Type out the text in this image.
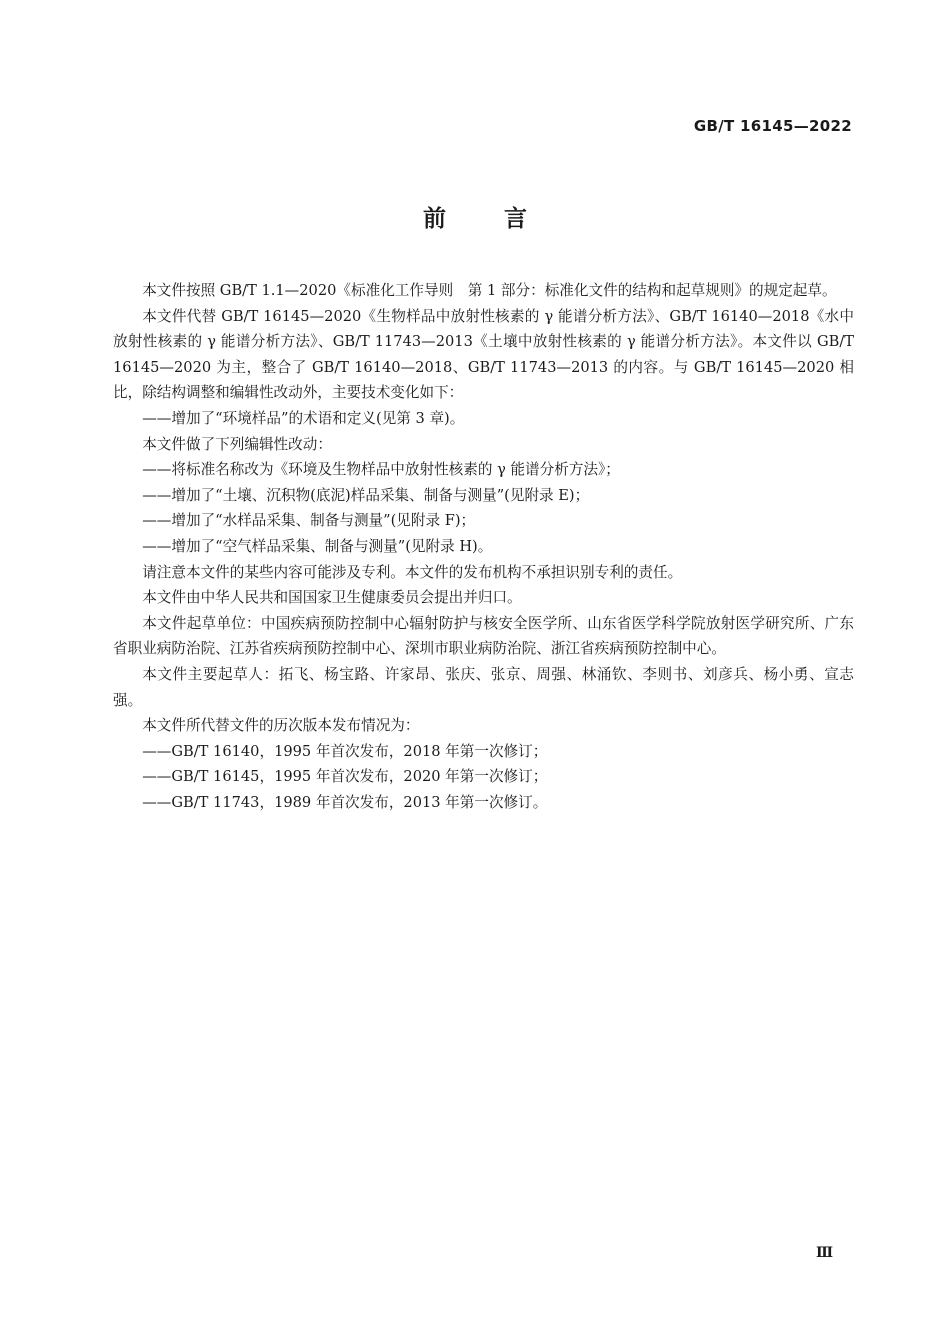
GB/T 16145—2022
前言

本文件按照 GB/T 1.1—2020《标准化工作导则　第 1 部分：标准化文件的结构和起草规则》的规定起草。

本文件代替 GB/T 16145—2020《生物样品中放射性核素的 γ 能谱分析方法》、GB/T 16140—2018《水中放射性核素的 γ 能谱分析方法》、GB/T 11743—2013《土壤中放射性核素的 γ 能谱分析方法》。本文件以 GB/T 16145—2020 为主，整合了 GB/T 16140—2018、GB/T 11743—2013 的内容。与 GB/T 16145—2020 相比，除结构调整和编辑性改动外，主要技术变化如下：

——增加了“环境样品”的术语和定义(见第 3 章)。

本文件做了下列编辑性改动：

——将标准名称改为《环境及生物样品中放射性核素的 γ 能谱分析方法》；

——增加了“土壤、沉积物(底泥)样品采集、制备与测量”(见附录 E)；

——增加了“水样品采集、制备与测量”(见附录 F)；

——增加了“空气样品采集、制备与测量”(见附录 H)。

请注意本文件的某些内容可能涉及专利。本文件的发布机构不承担识别专利的责任。

本文件由中华人民共和国国家卫生健康委员会提出并归口。

本文件起草单位：中国疾病预防控制中心辐射防护与核安全医学所、山东省医学科学院放射医学研究所、广东省职业病防治院、江苏省疾病预防控制中心、深圳市职业病防治院、浙江省疾病预防控制中心。

本文件主要起草人：拓飞、杨宝路、许家昂、张庆、张京、周强、林涌钦、李则书、刘彦兵、杨小勇、宣志强。

本文件所代替文件的历次版本发布情况为：

——GB/T 16140，1995 年首次发布，2018 年第一次修订；

——GB/T 16145，1995 年首次发布，2020 年第一次修订；

——GB/T 11743，1989 年首次发布，2013 年第一次修订。

Ⅲ
